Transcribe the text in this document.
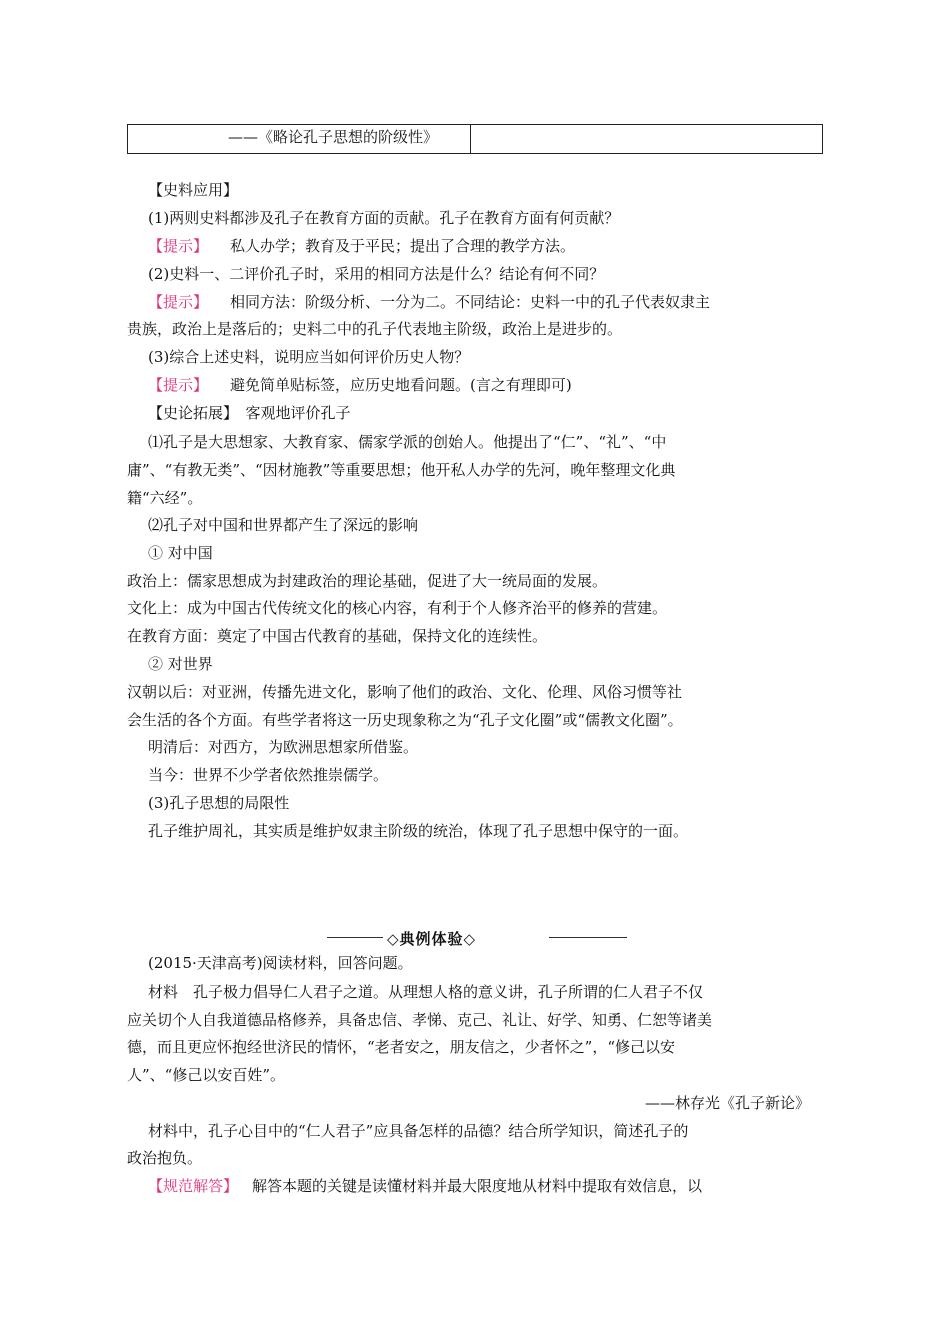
——《略论孔子思想的阶级性》
【史料应用】
(1)两则史料都涉及孔子在教育方面的贡献。孔子在教育方面有何贡献？
【提示】 私人办学；教育及于平民；提出了合理的教学方法。
(2)史料一、二评价孔子时，采用的相同方法是什么？结论有何不同？
【提示】 相同方法：阶级分析、一分为二。不同结论：史料一中的孔子代表奴隶主
贵族，政治上是落后的；史料二中的孔子代表地主阶级，政治上是进步的。
(3)综合上述史料，说明应当如何评价历史人物？
【提示】 避免简单贴标签，应历史地看问题。(言之有理即可)
【史论拓展】　客观地评价孔子
⑴孔子是大思想家、大教育家、儒家学派的创始人。他提出了“仁”、“礼”、“中
庸”、“有教无类”、“因材施教”等重要思想；他开私人办学的先河，晚年整理文化典
籍“六经”。
⑵孔子对中国和世界都产生了深远的影响
① 对中国
政治上：儒家思想成为封建政治的理论基础，促进了大一统局面的发展。
文化上：成为中国古代传统文化的核心内容，有利于个人修齐治平的修养的营建。
在教育方面：奠定了中国古代教育的基础，保持文化的连续性。
② 对世界
汉朝以后：对亚洲，传播先进文化，影响了他们的政治、文化、伦理、风俗习惯等社
会生活的各个方面。有些学者将这一历史现象称之为“孔子文化圈”或“儒教文化圈”。
明清后：对西方，为欧洲思想家所借鉴。
当今：世界不少学者依然推崇儒学。
(3)孔子思想的局限性
孔子维护周礼，其实质是维护奴隶主阶级的统治，体现了孔子思想中保守的一面。
◇典例体验◇
(2015·天津高考)阅读材料，回答问题。
材料　孔子极力倡导仁人君子之道。从理想人格的意义讲，孔子所谓的仁人君子不仅
应关切个人自我道德品格修养，具备忠信、孝悌、克己、礼让、好学、知勇、仁恕等诸美
德，而且更应怀抱经世济民的情怀，“老者安之，朋友信之，少者怀之”，“修己以安
人”、“修己以安百姓”。
——林存光《孔子新论》
材料中，孔子心目中的“仁人君子”应具备怎样的品德？结合所学知识，简述孔子的
政治抱负。
【规范解答】 解答本题的关键是读懂材料并最大限度地从材料中提取有效信息，以
